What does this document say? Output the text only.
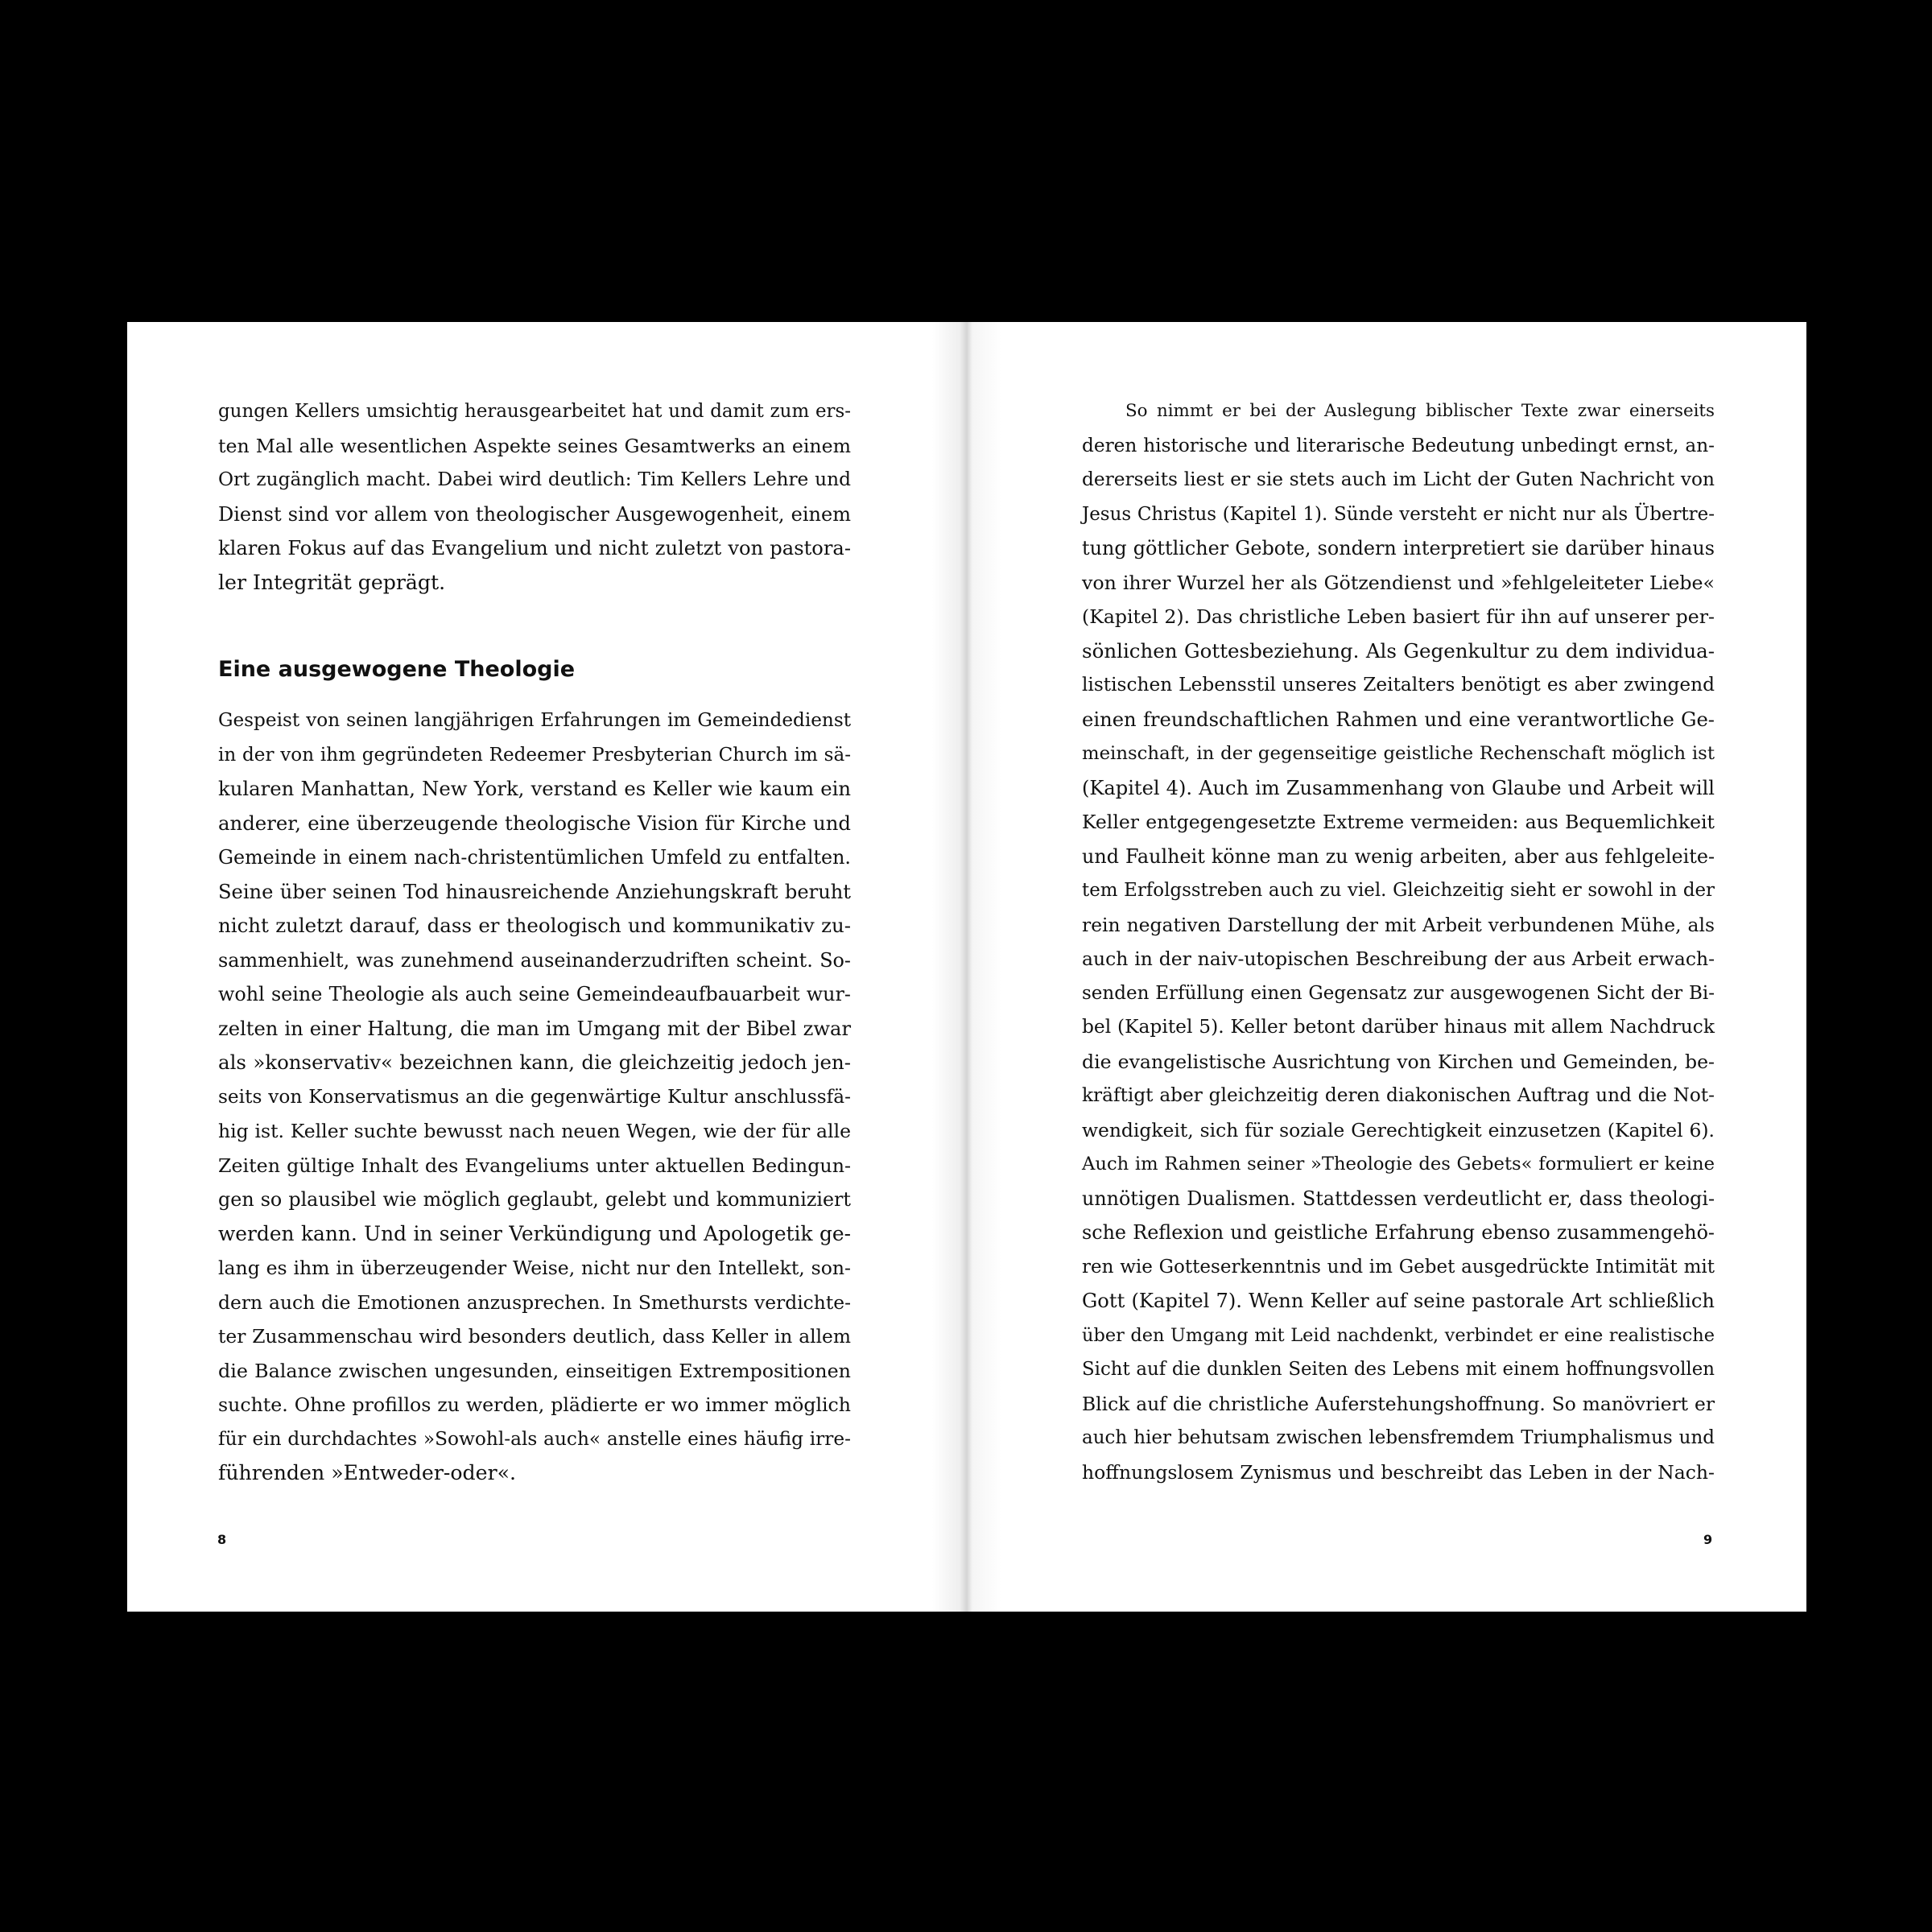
gungen Kellers umsichtig herausgearbeitet hat und damit zum ers-
ten Mal alle wesentlichen Aspekte seines Gesamtwerks an einem
Ort zugänglich macht. Dabei wird deutlich: Tim Kellers Lehre und
Dienst sind vor allem von theologischer Ausgewogenheit, einem
klaren Fokus auf das Evangelium und nicht zuletzt von pastora-
ler Integrität geprägt.
Eine ausgewogene Theologie
Gespeist von seinen langjährigen Erfahrungen im Gemeindedienst
in der von ihm gegründeten Redeemer Presbyterian Church im sä-
kularen Manhattan, New York, verstand es Keller wie kaum ein
anderer, eine überzeugende theologische Vision für Kirche und
Gemeinde in einem nach-christentümlichen Umfeld zu entfalten.
Seine über seinen Tod hinausreichende Anziehungskraft beruht
nicht zuletzt darauf, dass er theologisch und kommunikativ zu-
sammenhielt, was zunehmend auseinanderzudriften scheint. So-
wohl seine Theologie als auch seine Gemeindeaufbauarbeit wur-
zelten in einer Haltung, die man im Umgang mit der Bibel zwar
als »konservativ« bezeichnen kann, die gleichzeitig jedoch jen-
seits von Konservatismus an die gegenwärtige Kultur anschlussfä-
hig ist. Keller suchte bewusst nach neuen Wegen, wie der für alle
Zeiten gültige Inhalt des Evangeliums unter aktuellen Bedingun-
gen so plausibel wie möglich geglaubt, gelebt und kommuniziert
werden kann. Und in seiner Verkündigung und Apologetik ge-
lang es ihm in überzeugender Weise, nicht nur den Intellekt, son-
dern auch die Emotionen anzusprechen. In Smethursts verdichte-
ter Zusammenschau wird besonders deutlich, dass Keller in allem
die Balance zwischen ungesunden, einseitigen Extrempositionen
suchte. Ohne profillos zu werden, plädierte er wo immer möglich
für ein durchdachtes »Sowohl-als auch« anstelle eines häufig irre-
führenden »Entweder-oder«.
8
So nimmt er bei der Auslegung biblischer Texte zwar einerseits
deren historische und literarische Bedeutung unbedingt ernst, an-
dererseits liest er sie stets auch im Licht der Guten Nachricht von
Jesus Christus (Kapitel 1). Sünde versteht er nicht nur als Übertre-
tung göttlicher Gebote, sondern interpretiert sie darüber hinaus
von ihrer Wurzel her als Götzendienst und »fehlgeleiteter Liebe«
(Kapitel 2). Das christliche Leben basiert für ihn auf unserer per-
sönlichen Gottesbeziehung. Als Gegenkultur zu dem individua-
listischen Lebensstil unseres Zeitalters benötigt es aber zwingend
einen freundschaftlichen Rahmen und eine verantwortliche Ge-
meinschaft, in der gegenseitige geistliche Rechenschaft möglich ist
(Kapitel 4). Auch im Zusammenhang von Glaube und Arbeit will
Keller entgegengesetzte Extreme vermeiden: aus Bequemlichkeit
und Faulheit könne man zu wenig arbeiten, aber aus fehlgeleite-
tem Erfolgsstreben auch zu viel. Gleichzeitig sieht er sowohl in der
rein negativen Darstellung der mit Arbeit verbundenen Mühe, als
auch in der naiv-utopischen Beschreibung der aus Arbeit erwach-
senden Erfüllung einen Gegensatz zur ausgewogenen Sicht der Bi-
bel (Kapitel 5). Keller betont darüber hinaus mit allem Nachdruck
die evangelistische Ausrichtung von Kirchen und Gemeinden, be-
kräftigt aber gleichzeitig deren diakonischen Auftrag und die Not-
wendigkeit, sich für soziale Gerechtigkeit einzusetzen (Kapitel 6).
Auch im Rahmen seiner »Theologie des Gebets« formuliert er keine
unnötigen Dualismen. Stattdessen verdeutlicht er, dass theologi-
sche Reflexion und geistliche Erfahrung ebenso zusammengehö-
ren wie Gotteserkenntnis und im Gebet ausgedrückte Intimität mit
Gott (Kapitel 7). Wenn Keller auf seine pastorale Art schließlich
über den Umgang mit Leid nachdenkt, verbindet er eine realistische
Sicht auf die dunklen Seiten des Lebens mit einem hoffnungsvollen
Blick auf die christliche Auferstehungshoffnung. So manövriert er
auch hier behutsam zwischen lebensfremdem Triumphalismus und
hoffnungslosem Zynismus und beschreibt das Leben in der Nach-
9
